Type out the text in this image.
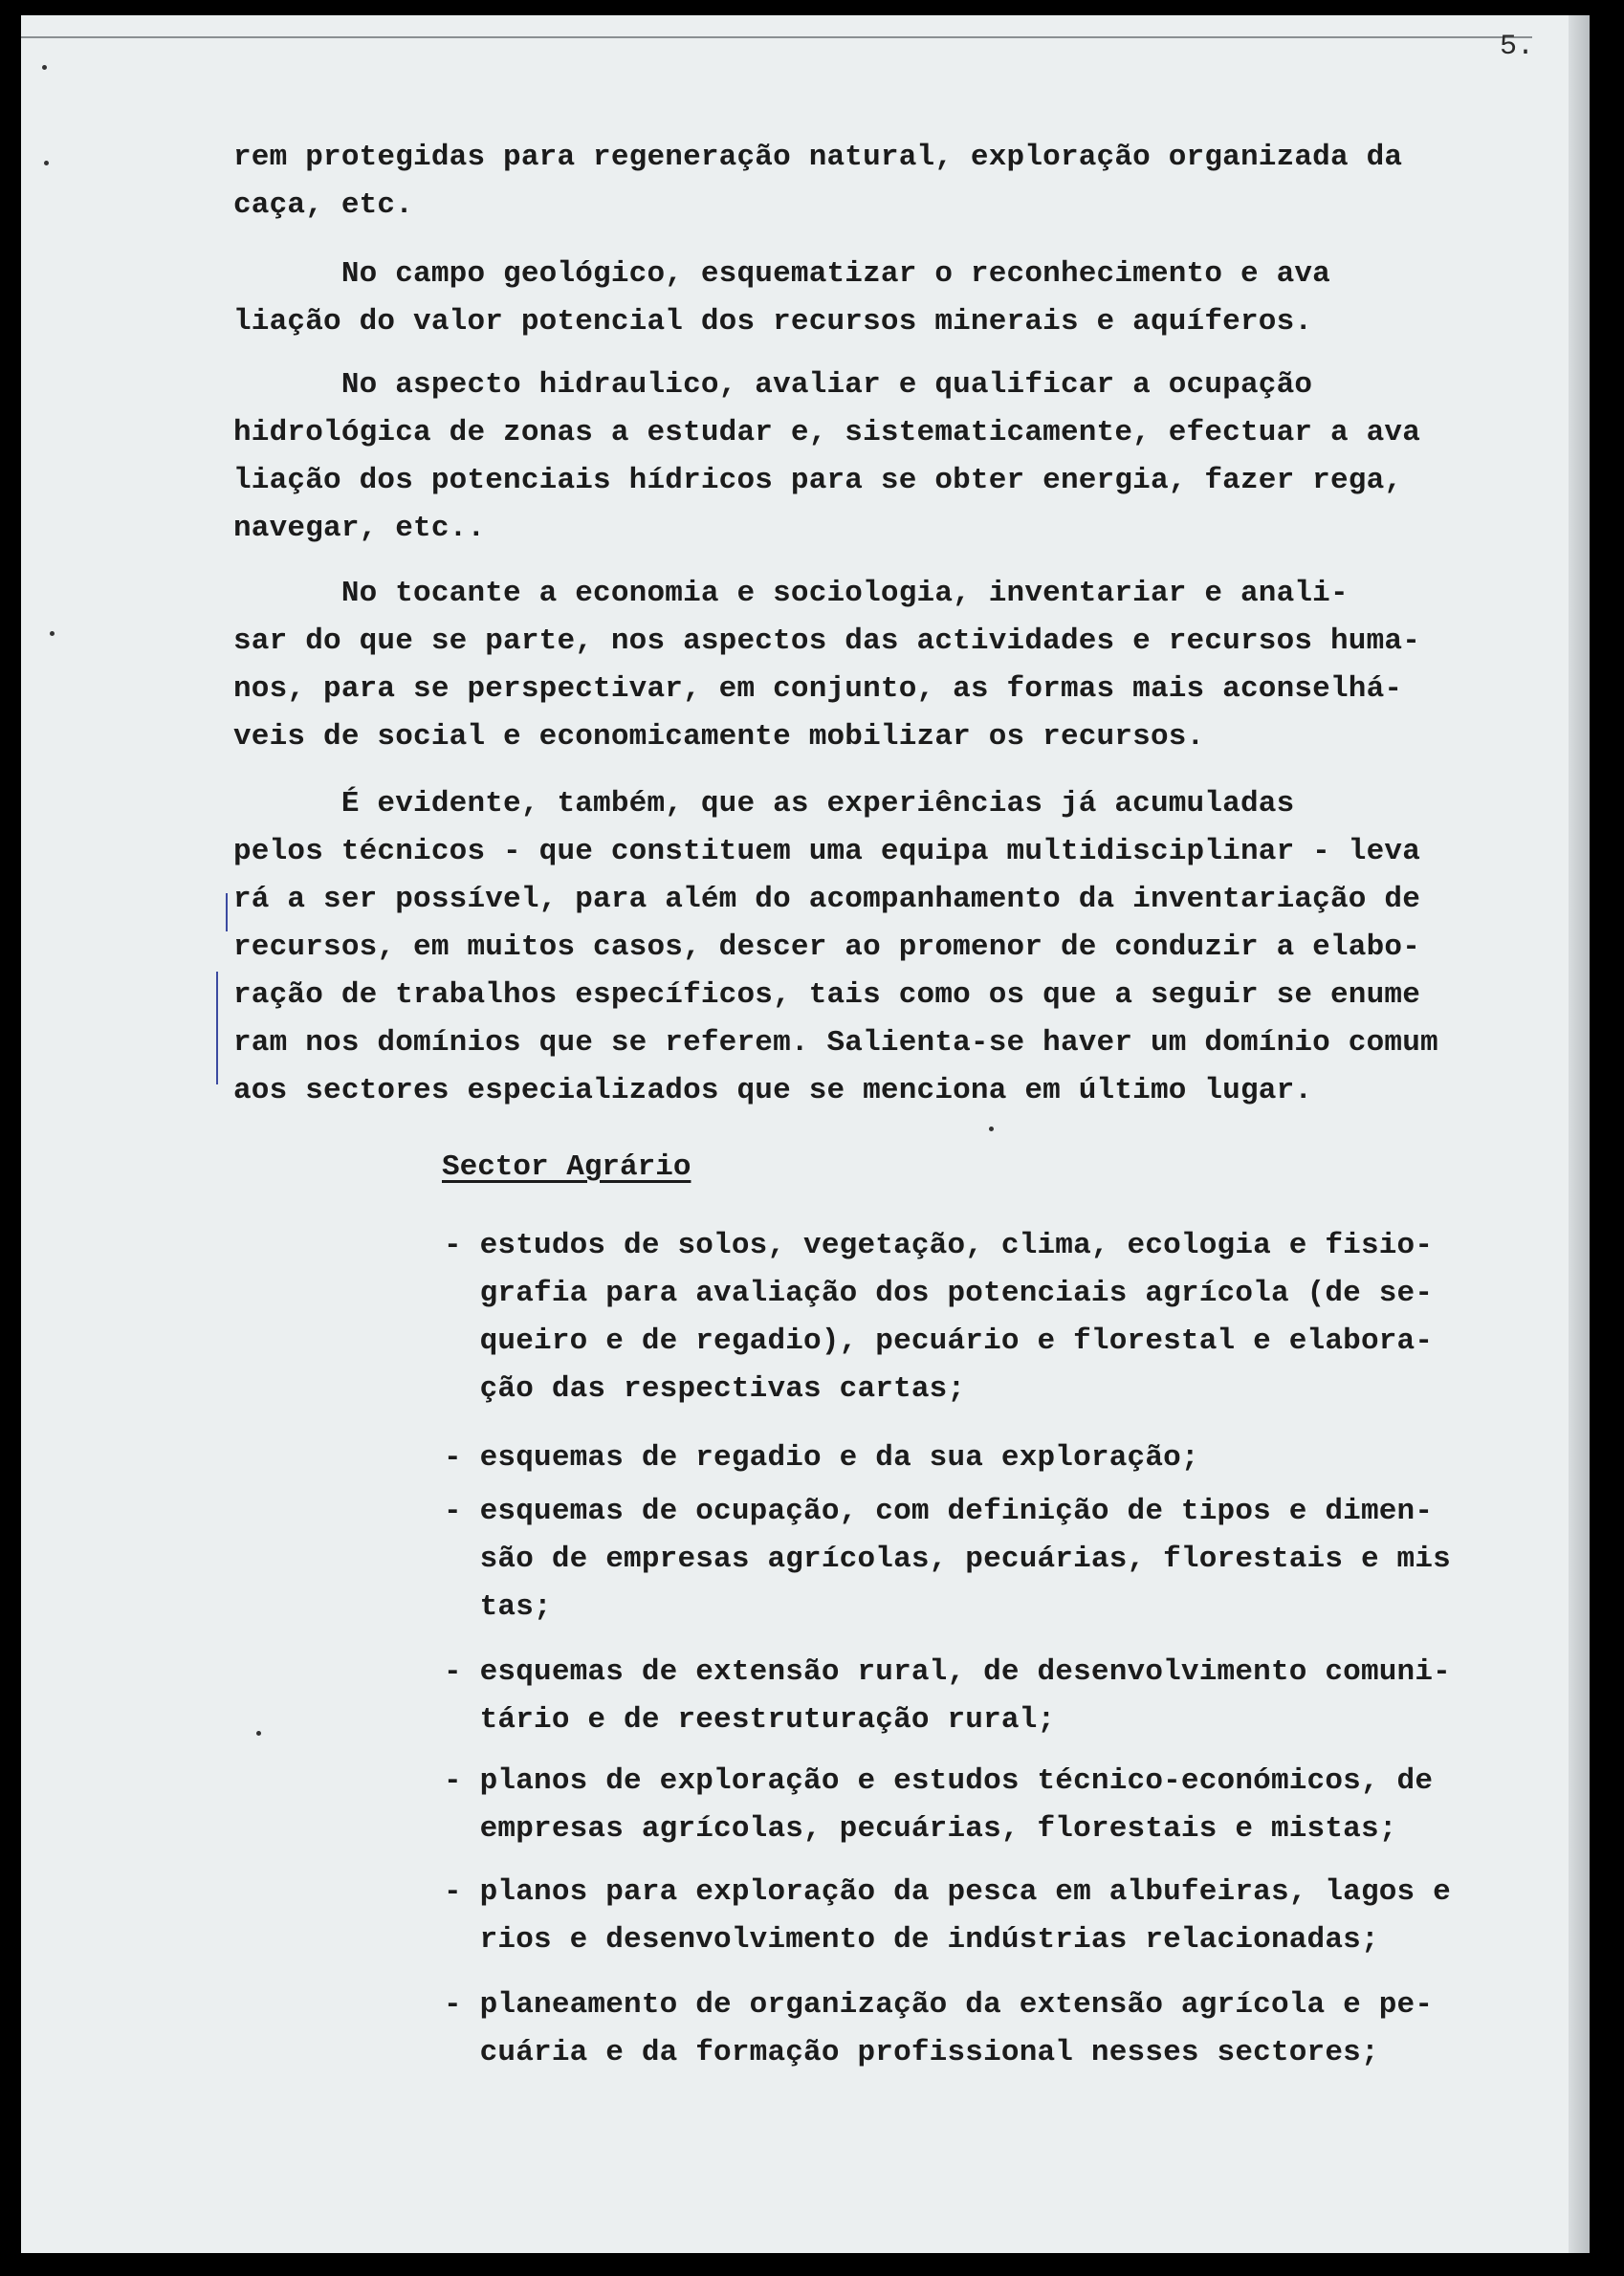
5.

rem protegidas para regeneração natural, exploração organizada da
caça, etc.

No campo geológico, esquematizar o reconhecimento e ava
liação do valor potencial dos recursos minerais e aquíferos.

No aspecto hidraulico, avaliar e qualificar a ocupação
hidrológica de zonas a estudar e, sistematicamente, efectuar a ava
liação dos potenciais hídricos para se obter energia, fazer rega,
navegar, etc..

No tocante a economia e sociologia, inventariar e anali-
sar do que se parte, nos aspectos das actividades e recursos huma-
nos, para se perspectivar, em conjunto, as formas mais aconselhá-
veis de social e economicamente mobilizar os recursos.

É evidente, também, que as experiências já acumuladas
pelos técnicos - que constituem uma equipa multidisciplinar - leva
rá a ser possível, para além do acompanhamento da inventariação de
recursos, em muitos casos, descer ao promenor de conduzir a elabo-
ração de trabalhos específicos, tais como os que a seguir se enume
ram nos domínios que se referem. Salienta-se haver um domínio comum
aos sectores especializados que se menciona em último lugar.

Sector Agrário

- estudos de solos, vegetação, clima, ecologia e fisio-
grafia para avaliação dos potenciais agrícola (de se-
queiro e de regadio), pecuário e florestal e elabora-
ção das respectivas cartas;

- esquemas de regadio e da sua exploração;

- esquemas de ocupação, com definição de tipos e dimen-
são de empresas agrícolas, pecuárias, florestais e mis
tas;

- esquemas de extensão rural, de desenvolvimento comuni-
tário e de reestruturação rural;

- planos de exploração e estudos técnico-económicos, de
empresas agrícolas, pecuárias, florestais e mistas;

- planos para exploração da pesca em albufeiras, lagos e
rios e desenvolvimento de indústrias relacionadas;

- planeamento de organização da extensão agrícola e pe-
cuária e da formação profissional nesses sectores;
